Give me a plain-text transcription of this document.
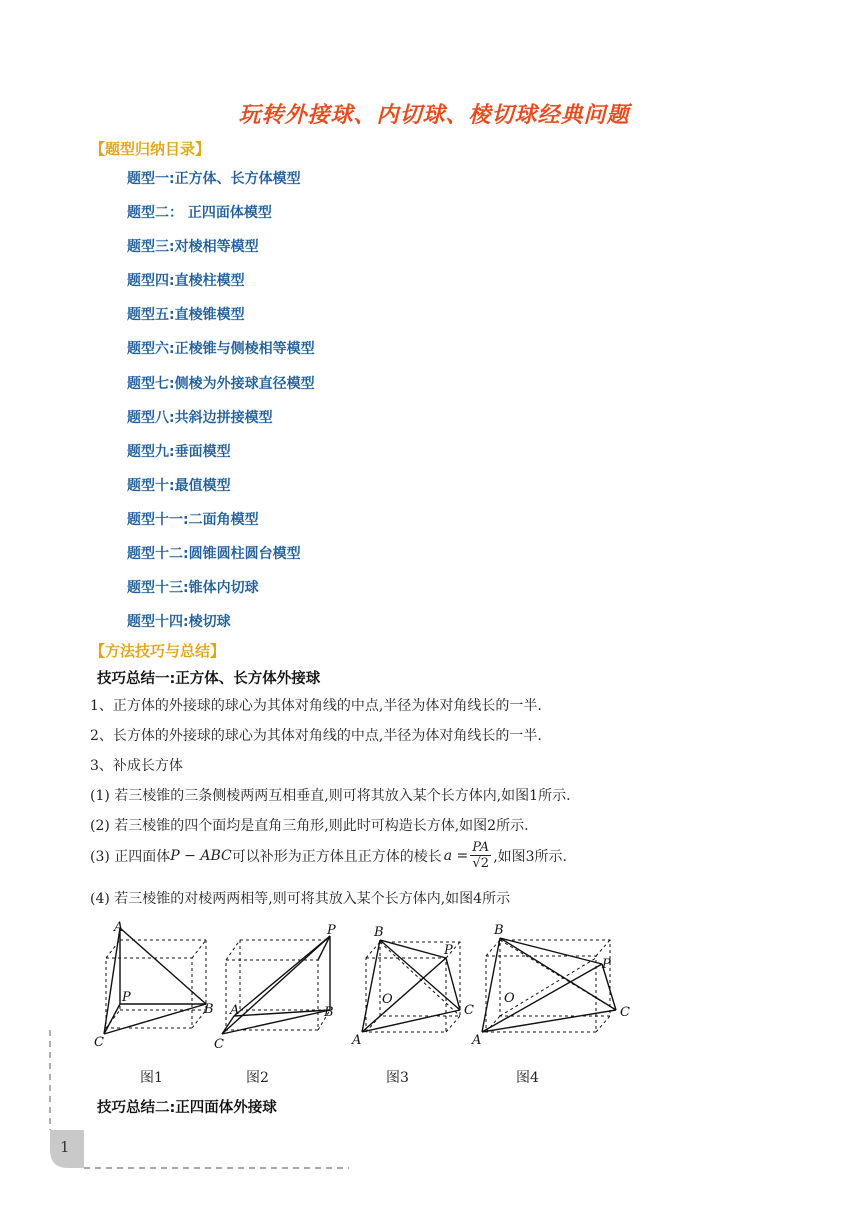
玩转外接球、内切球、棱切球经典问题
【题型归纳目录】
题型一:正方体、长方体模型
题型二： 正四面体模型
题型三:对棱相等模型
题型四:直棱柱模型
题型五:直棱锥模型
题型六:正棱锥与侧棱相等模型
题型七:侧棱为外接球直径模型
题型八:共斜边拼接模型
题型九:垂面模型
题型十:最值模型
题型十一:二面角模型
题型十二:圆锥圆柱圆台模型
题型十三:锥体内切球
题型十四:棱切球
【方法技巧与总结】
技巧总结一:正方体、长方体外接球
1、正方体的外接球的球心为其体对角线的中点,半径为体对角线长的一半.
2、长方体的外接球的球心为其体对角线的中点,半径为体对角线长的一半.
3、补成长方体
(1) 若三棱锥的三条侧棱两两互相垂直,则可将其放入某个长方体内,如图1所示.
(2) 若三棱锥的四个面均是直角三角形,则此时可构造长方体,如图2所示.
(3) 正四面体 P − ABC 可以补形为正方体且正方体的棱长 $a = \frac{PA}{√2}$ ,如图3所示.
(4) 若三棱锥的对棱两两相等,则可将其放入某个长方体内,如图4所示
A
P
B
C
P
A	B
C
B
P
O
A
C
B
P
O
A
C
图1	图2	图3	图4
技巧总结二:正四面体外接球
1
